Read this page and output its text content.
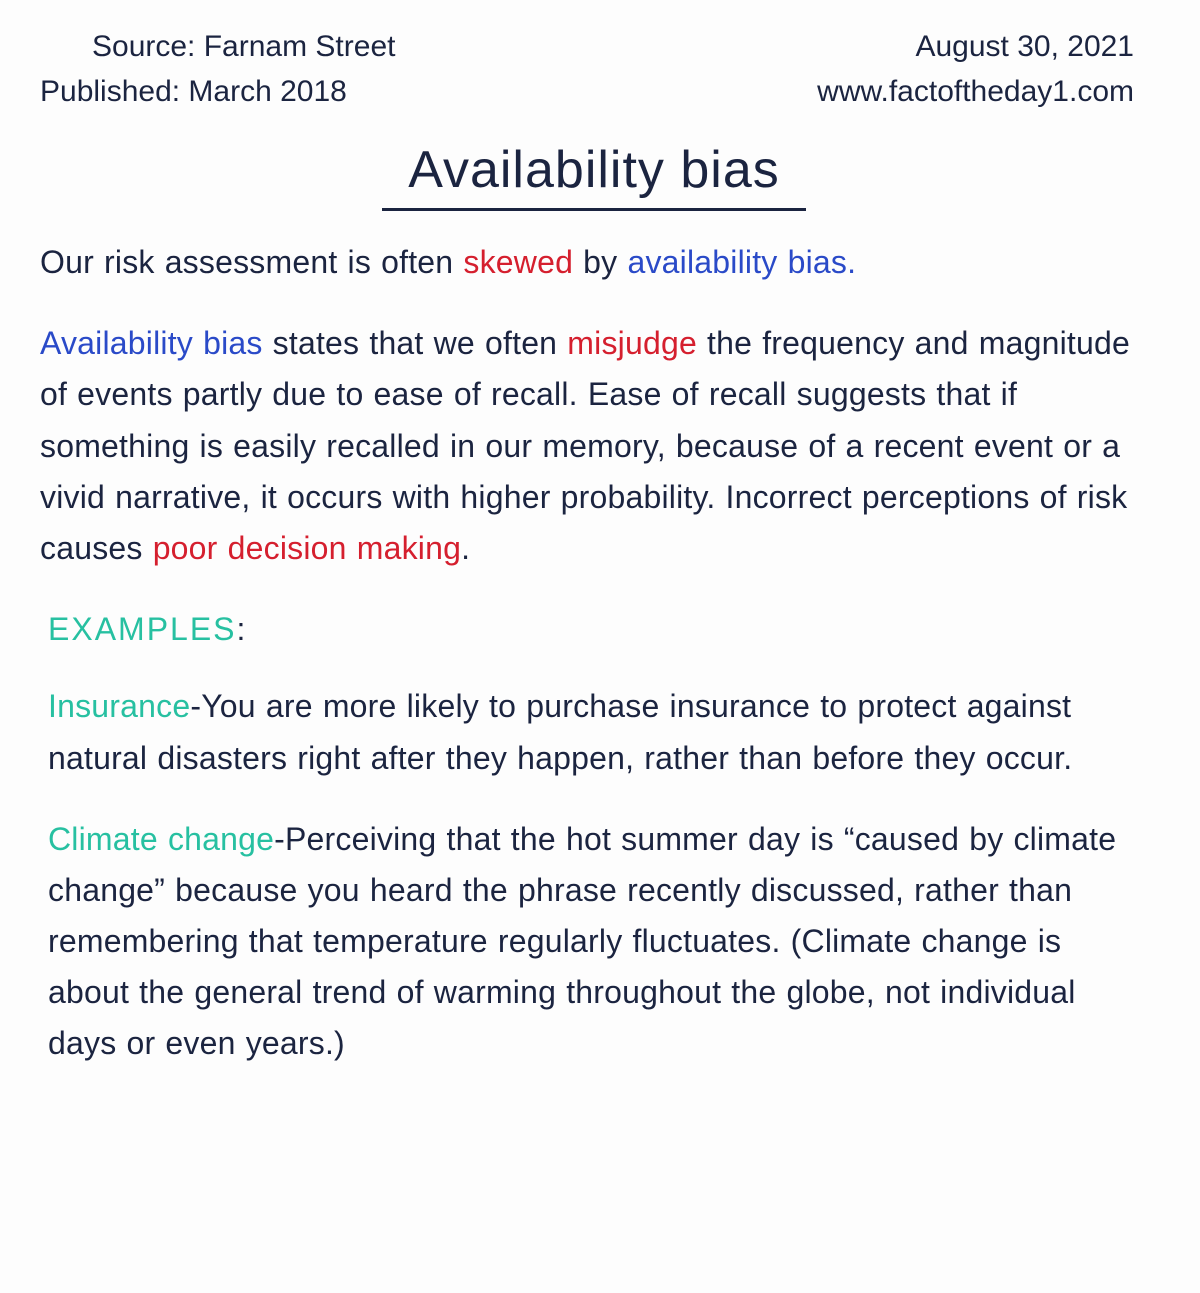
Source: Farnam Street
Published: March 2018
August 30, 2021
www.factoftheday1.com
Availability bias

Our risk assessment is often skewed by availability bias.

Availability bias states that we often misjudge the frequency and magnitude of events partly due to ease of recall. Ease of recall suggests that if something is easily recalled in our memory, because of a recent event or a vivid narrative, it occurs with higher probability. Incorrect perceptions of risk causes poor decision making.

EXAMPLES:

Insurance-You are more likely to purchase insurance to protect against natural disasters right after they happen, rather than before they occur.

Climate change-Perceiving that the hot summer day is “caused by climate change” because you heard the phrase recently discussed, rather than remembering that temperature regularly fluctuates. (Climate change is about the general trend of warming throughout the globe, not individual days or even years.)
